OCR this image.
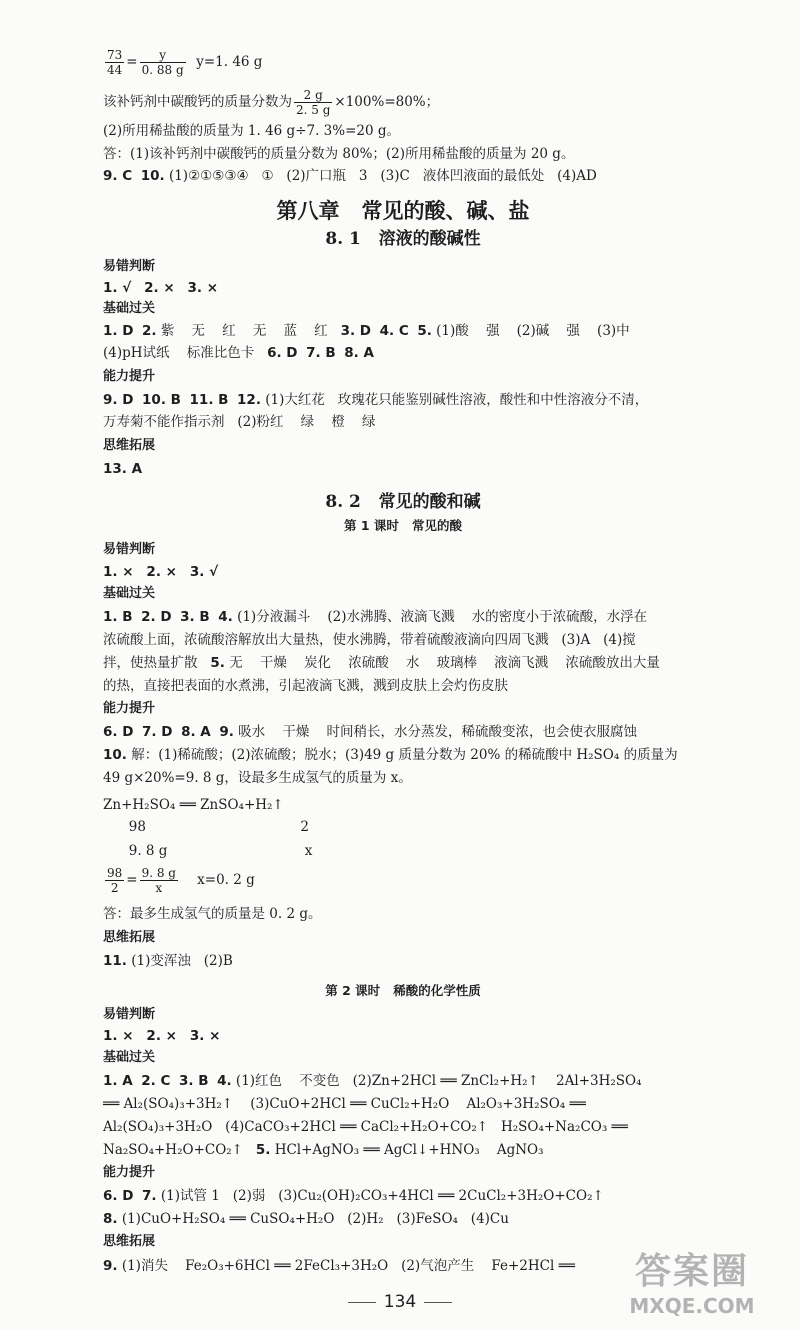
$\frac{73}{44} = \frac{y}{0. 88 g} y=1$. 46 g
该补钙剂中碳酸钙的质量分数为 $\frac{2 g}{2. 5 g} \times 100\%=80\%$；
(2)所用稀盐酸的质量为 1. 46 g÷7. 3%=20 g。
答：(1)该补钙剂中碳酸钙的质量分数为 80%；(2)所用稀盐酸的质量为 20 g。
9. C 10. (1)②①⑤③④   ①   (2)广口瓶   3   (3)C   液体凹液面的最低处   (4)AD
第八章   常见的酸、碱、盐
8. 1   溶液的酸碱性
易错判断
1. √ 2. × 3. ×
基础过关
1. D 2. 紫    无    红    无    蓝    红   3. D 4. C 5. (1)酸    强    (2)碱    强    (3)中
(4)pH试纸    标准比色卡   6. D 7. B 8. A
能力提升
9. D 10. B 11. B 12. (1)大红花   玫瑰花只能鉴别碱性溶液，酸性和中性溶液分不清，
万寿菊不能作指示剂   (2)粉红    绿    橙    绿
思维拓展
13. A
8. 2   常见的酸和碱
第 1 课时   常见的酸
易错判断
1. × 2. × 3. √
基础过关
1. B 2. D 3. B 4. (1)分液漏斗    (2)水沸腾、液滴飞溅    水的密度小于浓硫酸，水浮在
浓硫酸上面，浓硫酸溶解放出大量热，使水沸腾，带着硫酸液滴向四周飞溅   (3)A   (4)搅
拌，使热量扩散   5. 无    干燥    炭化    浓硫酸    水    玻璃棒    液滴飞溅    浓硫酸放出大量
的热，直接把表面的水煮沸，引起液滴飞溅，溅到皮肤上会灼伤皮肤
能力提升
6. D 7. D 8. A 9. 吸水    干燥    时间稍长，水分蒸发，稀硫酸变浓，也会使衣服腐蚀
10. 解：(1)稀硫酸；(2)浓硫酸；脱水；(3)49 g 质量分数为 20% 的稀硫酸中 H₂SO₄ 的质量为
49 g×20%=9. 8 g，设最多生成氢气的质量为 x。
Zn+H₂SO₄ ══ ZnSO₄+H₂↑
98                                    2
9. 8 g                                x
$\frac{98}{2} = \frac{9. 8 g}{x} x=0$. 2 g
答：最多生成氢气的质量是 0. 2 g。
思维拓展
11. (1)变浑浊   (2)B
第 2 课时   稀酸的化学性质
易错判断
1. × 2. × 3. ×
基础过关
1. A 2. C 3. B 4. (1)红色    不变色   (2)Zn+2HCl ══ ZnCl₂+H₂↑    2Al+3H₂SO₄
══ Al₂(SO₄)₃+3H₂↑    (3)CuO+2HCl ══ CuCl₂+H₂O    Al₂O₃+3H₂SO₄ ══
Al₂(SO₄)₃+3H₂O   (4)CaCO₃+2HCl ══ CaCl₂+H₂O+CO₂↑   H₂SO₄+Na₂CO₃ ══
Na₂SO₄+H₂O+CO₂↑   5. HCl+AgNO₃ ══ AgCl↓+HNO₃    AgNO₃
能力提升
6. D 7. (1)试管 1   (2)弱   (3)Cu₂(OH)₂CO₃+4HCl ══ 2CuCl₂+3H₂O+CO₂↑
8. (1)CuO+H₂SO₄ ══ CuSO₄+H₂O   (2)H₂   (3)FeSO₄   (4)Cu
思维拓展
9. (1)消失    Fe₂O₃+6HCl ══ 2FeCl₃+3H₂O   (2)气泡产生    Fe+2HCl ══
134
答案圈
MXQE.COM
